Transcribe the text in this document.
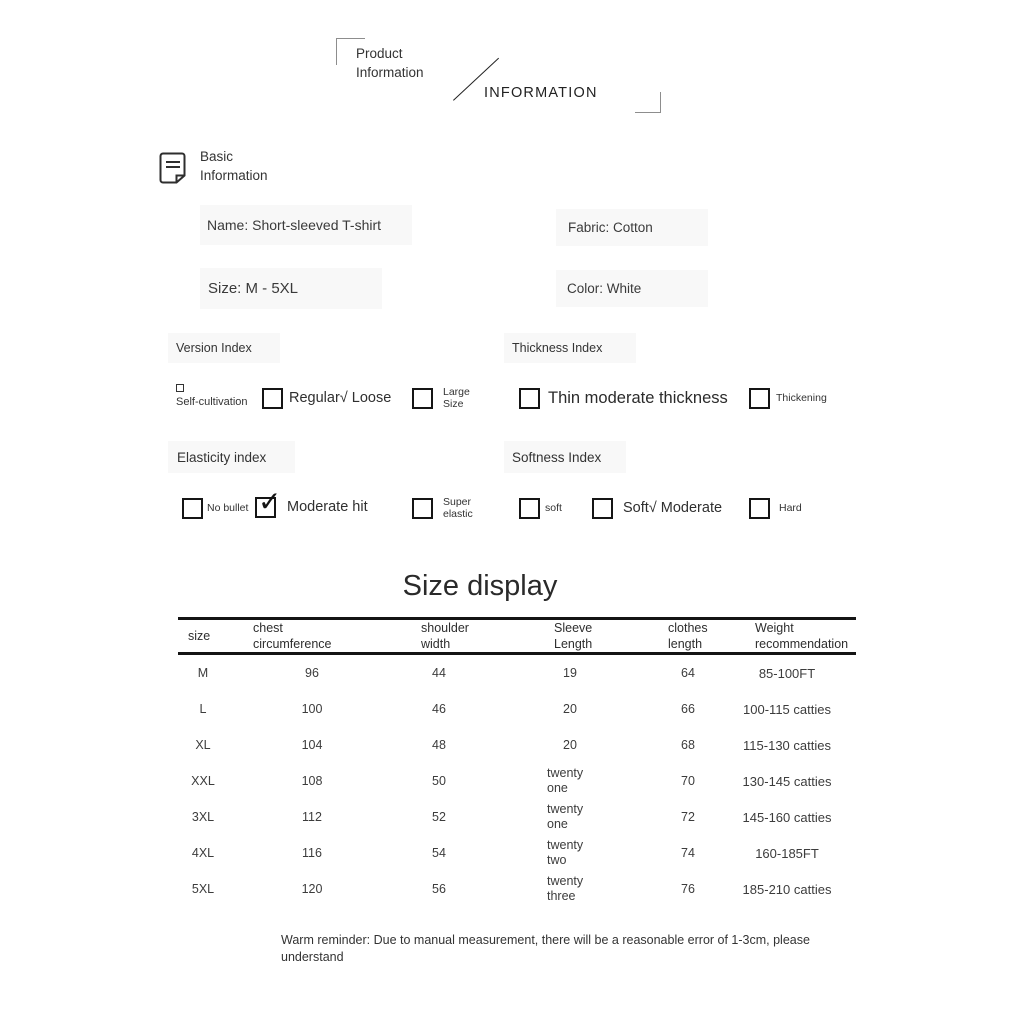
Product Information
INFORMATION
Basic Information
Name: Short-sleeved T-shirt	Fabric: Cotton
Size: M - 5XL	Color: White
Version Index	Thickness Index
Elasticity index	Softness Index
Self-cultivation	Regular√ Loose	Large Size	Thin moderate thickness	Thickening
No bullet ✓ Moderate hit	Super elastic
soft	Soft√ Moderate	Hard
Size display
size	chest circumference	shoulder width	Sleeve Length	clothes length	Weight recommendation
M	96	44	19	64	85-100FT
L	100	46	20	66	100-115 catties
XL	104	48	20	68	115-130 catties
XXL	108	50	twenty one	70	130-145 catties
3XL	112	52	twenty one	72	145-160 catties
4XL	116	54	twenty two	74	160-185FT
5XL	120	56	twenty three	76	185-210 catties
Warm reminder: Due to manual measurement, there will be a reasonable error of 1-3cm, please understand
